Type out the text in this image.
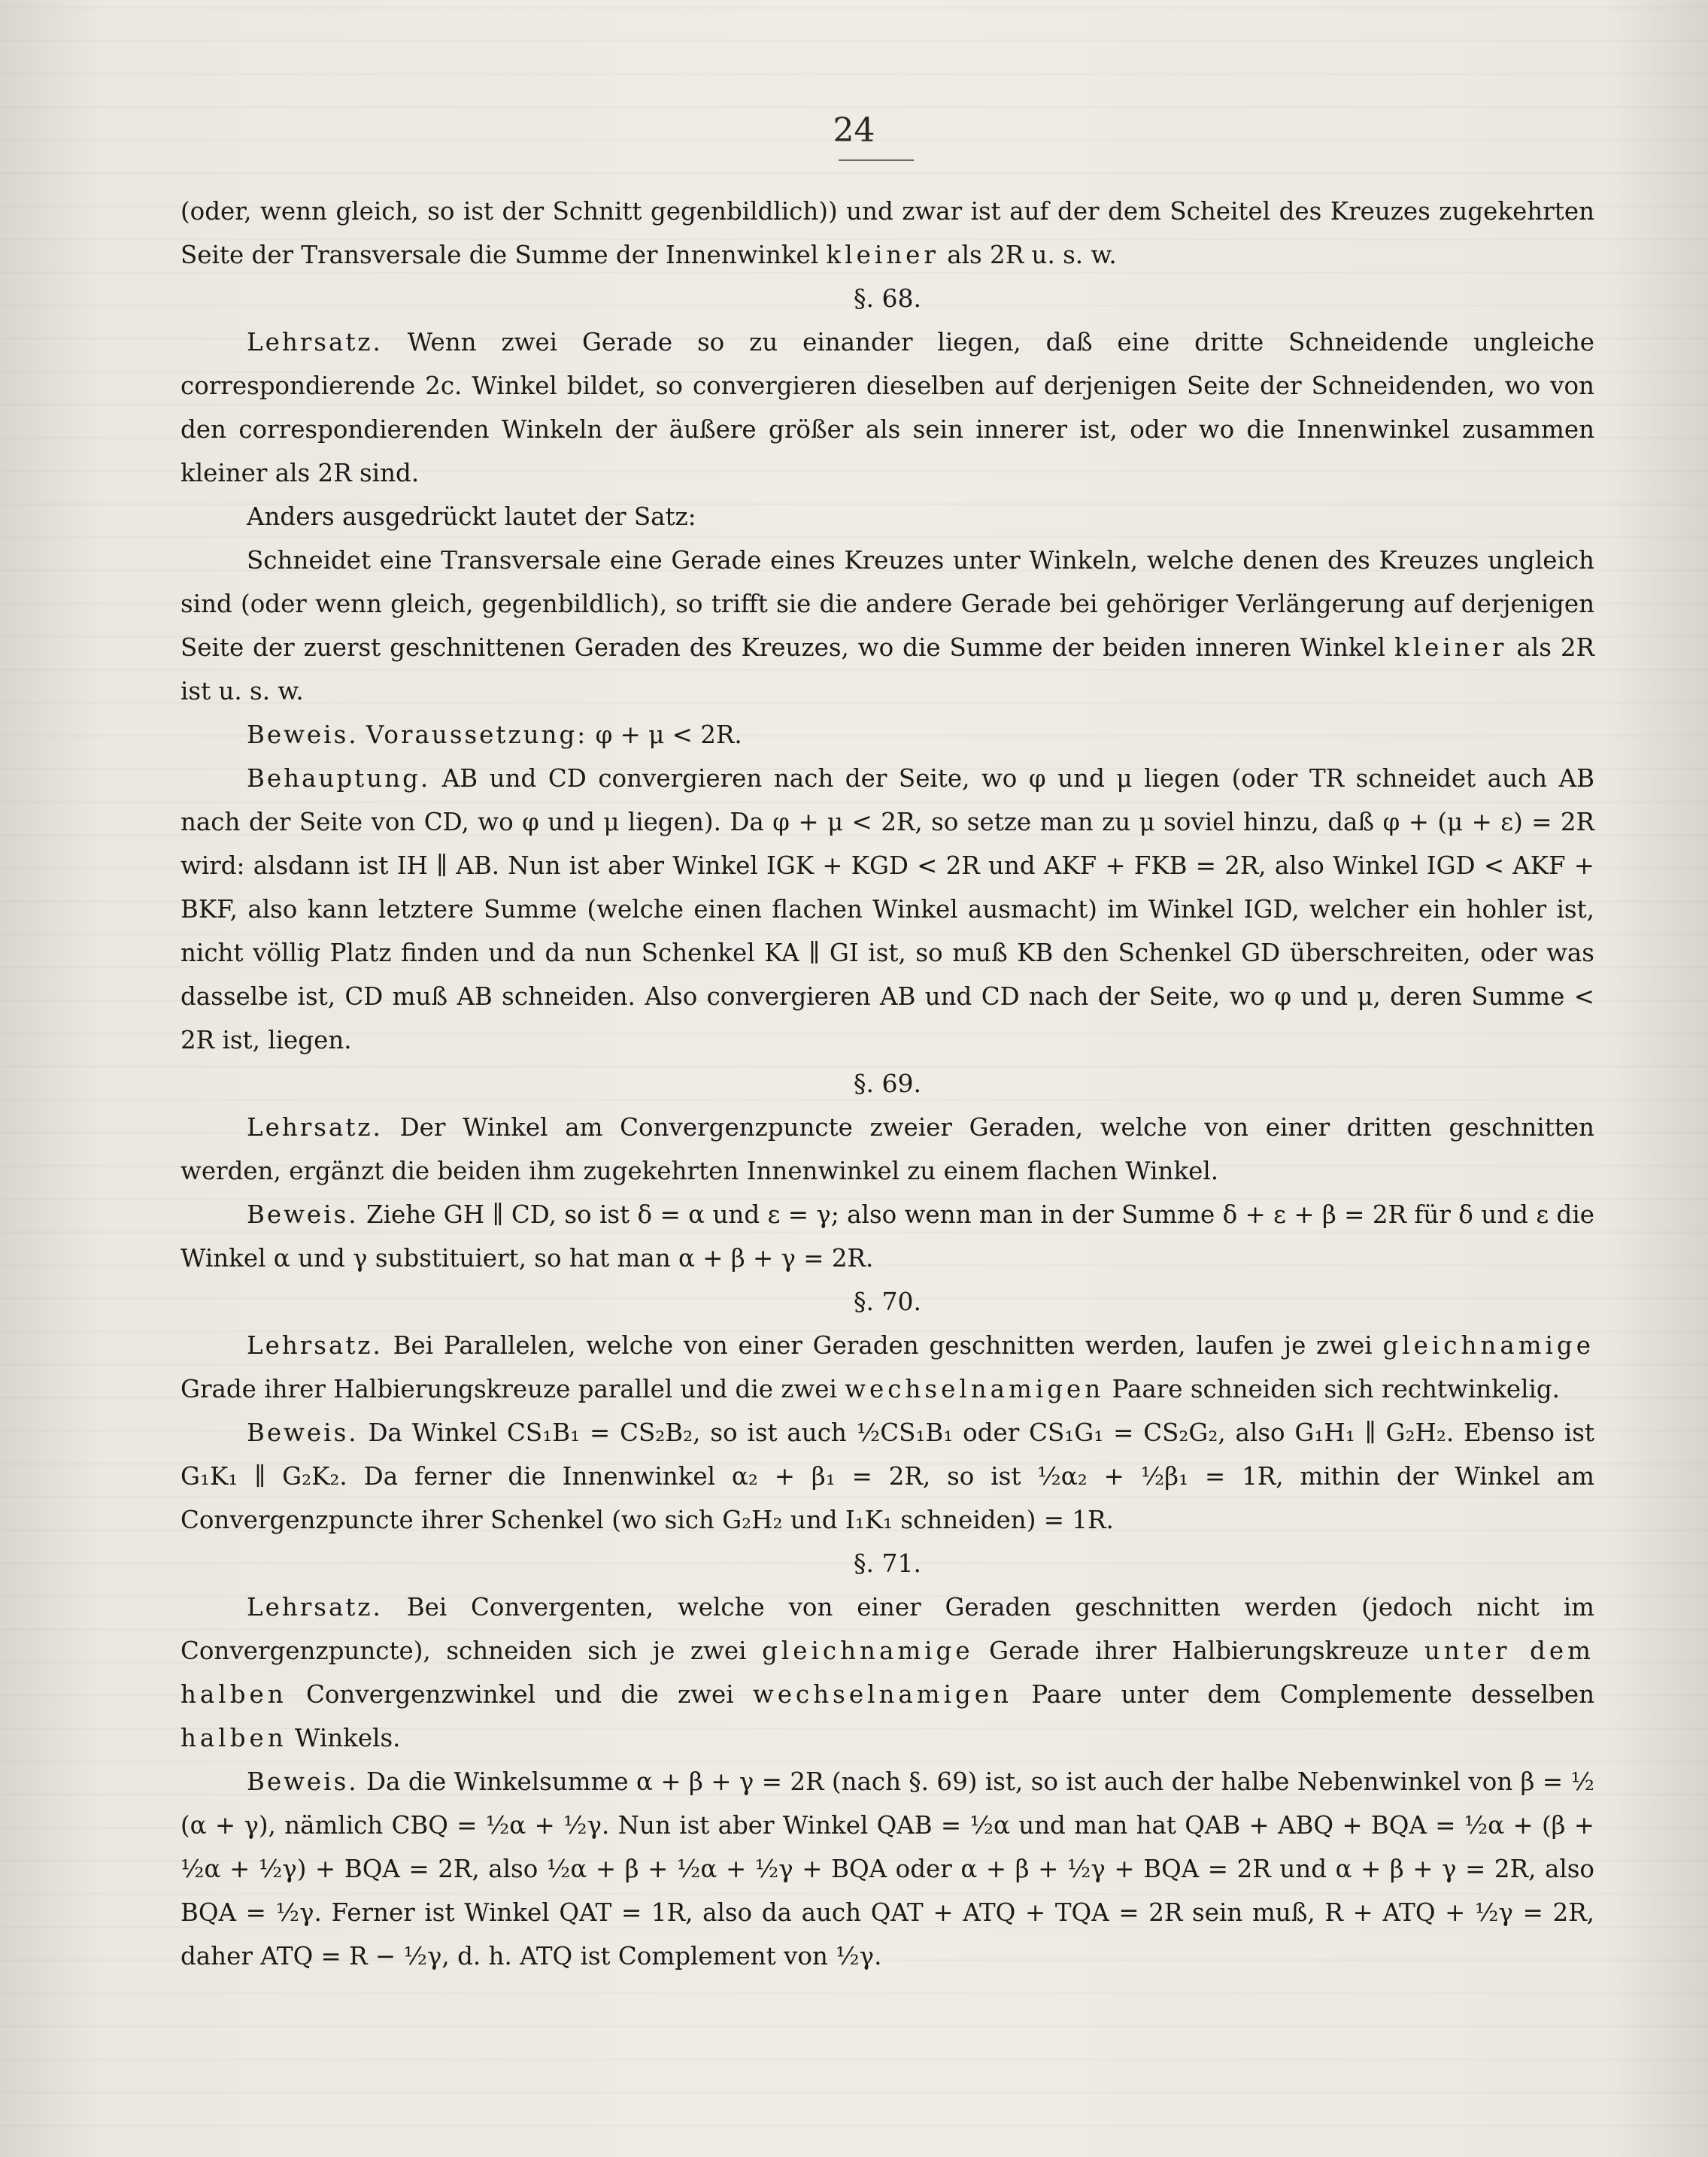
24

(oder, wenn gleich, so ist der Schnitt gegenbildlich)) und zwar ist auf der dem Scheitel des Kreuzes zugekehrten Seite der Transversale die Summe der Innenwinkel kleiner als 2R u. s. w.

§. 68.

Lehrsatz. Wenn zwei Gerade so zu einander liegen, daß eine dritte Schneidende ungleiche correspondierende 2c. Winkel bildet, so convergieren dieselben auf derjenigen Seite der Schneidenden, wo von den correspondierenden Winkeln der äußere größer als sein innerer ist, oder wo die Innenwinkel zusammen kleiner als 2R sind.

Anders ausgedrückt lautet der Satz:

Schneidet eine Transversale eine Gerade eines Kreuzes unter Winkeln, welche denen des Kreuzes ungleich sind (oder wenn gleich, gegenbildlich), so trifft sie die andere Gerade bei gehöriger Verlängerung auf derjenigen Seite der zuerst geschnittenen Geraden des Kreuzes, wo die Summe der beiden inneren Winkel kleiner als 2R ist u. s. w.

Beweis. Voraussetzung: φ + μ < 2R.

Behauptung. AB und CD convergieren nach der Seite, wo φ und μ liegen (oder TR schneidet auch AB nach der Seite von CD, wo φ und μ liegen). Da φ + μ < 2R, so setze man zu μ soviel hinzu, daß φ + (μ + ε) = 2R wird: alsdann ist IH ∥ AB. Nun ist aber Winkel IGK + KGD < 2R und AKF + FKB = 2R, also Winkel IGD < AKF + BKF, also kann letztere Summe (welche einen flachen Winkel ausmacht) im Winkel IGD, welcher ein hohler ist, nicht völlig Platz finden und da nun Schenkel KA ∥ GI ist, so muß KB den Schenkel GD überschreiten, oder was dasselbe ist, CD muß AB schneiden. Also convergieren AB und CD nach der Seite, wo φ und μ, deren Summe < 2R ist, liegen.

§. 69.

Lehrsatz. Der Winkel am Convergenzpuncte zweier Geraden, welche von einer dritten geschnitten werden, ergänzt die beiden ihm zugekehrten Innenwinkel zu einem flachen Winkel.

Beweis. Ziehe GH ∥ CD, so ist δ = α und ε = γ; also wenn man in der Summe δ + ε + β = 2R für δ und ε die Winkel α und γ substituiert, so hat man α + β + γ = 2R.

§. 70.

Lehrsatz. Bei Parallelen, welche von einer Geraden geschnitten werden, laufen je zwei gleichnamige Grade ihrer Halbierungskreuze parallel und die zwei wechselnamigen Paare schneiden sich rechtwinkelig.

Beweis. Da Winkel CS₁B₁ = CS₂B₂, so ist auch ½CS₁B₁ oder CS₁G₁ = CS₂G₂, also G₁H₁ ∥ G₂H₂. Ebenso ist G₁K₁ ∥ G₂K₂. Da ferner die Innenwinkel α₂ + β₁ = 2R, so ist ½α₂ + ½β₁ = 1R, mithin der Winkel am Convergenzpuncte ihrer Schenkel (wo sich G₂H₂ und I₁K₁ schneiden) = 1R.

§. 71.

Lehrsatz. Bei Convergenten, welche von einer Geraden geschnitten werden (jedoch nicht im Convergenzpuncte), schneiden sich je zwei gleichnamige Gerade ihrer Halbierungskreuze unter dem halben Convergenzwinkel und die zwei wechselnamigen Paare unter dem Complemente desselben halben Winkels.

Beweis. Da die Winkelsumme α + β + γ = 2R (nach §. 69) ist, so ist auch der halbe Nebenwinkel von β = ½ (α + γ), nämlich CBQ = ½α + ½γ. Nun ist aber Winkel QAB = ½α und man hat QAB + ABQ + BQA = ½α + (β + ½α + ½γ) + BQA = 2R, also ½α + β + ½α + ½γ + BQA oder α + β + ½γ + BQA = 2R und α + β + γ = 2R, also BQA = ½γ. Ferner ist Winkel QAT = 1R, also da auch QAT + ATQ + TQA = 2R sein muß, R + ATQ + ½γ = 2R, daher ATQ = R − ½γ, d. h. ATQ ist Complement von ½γ.
